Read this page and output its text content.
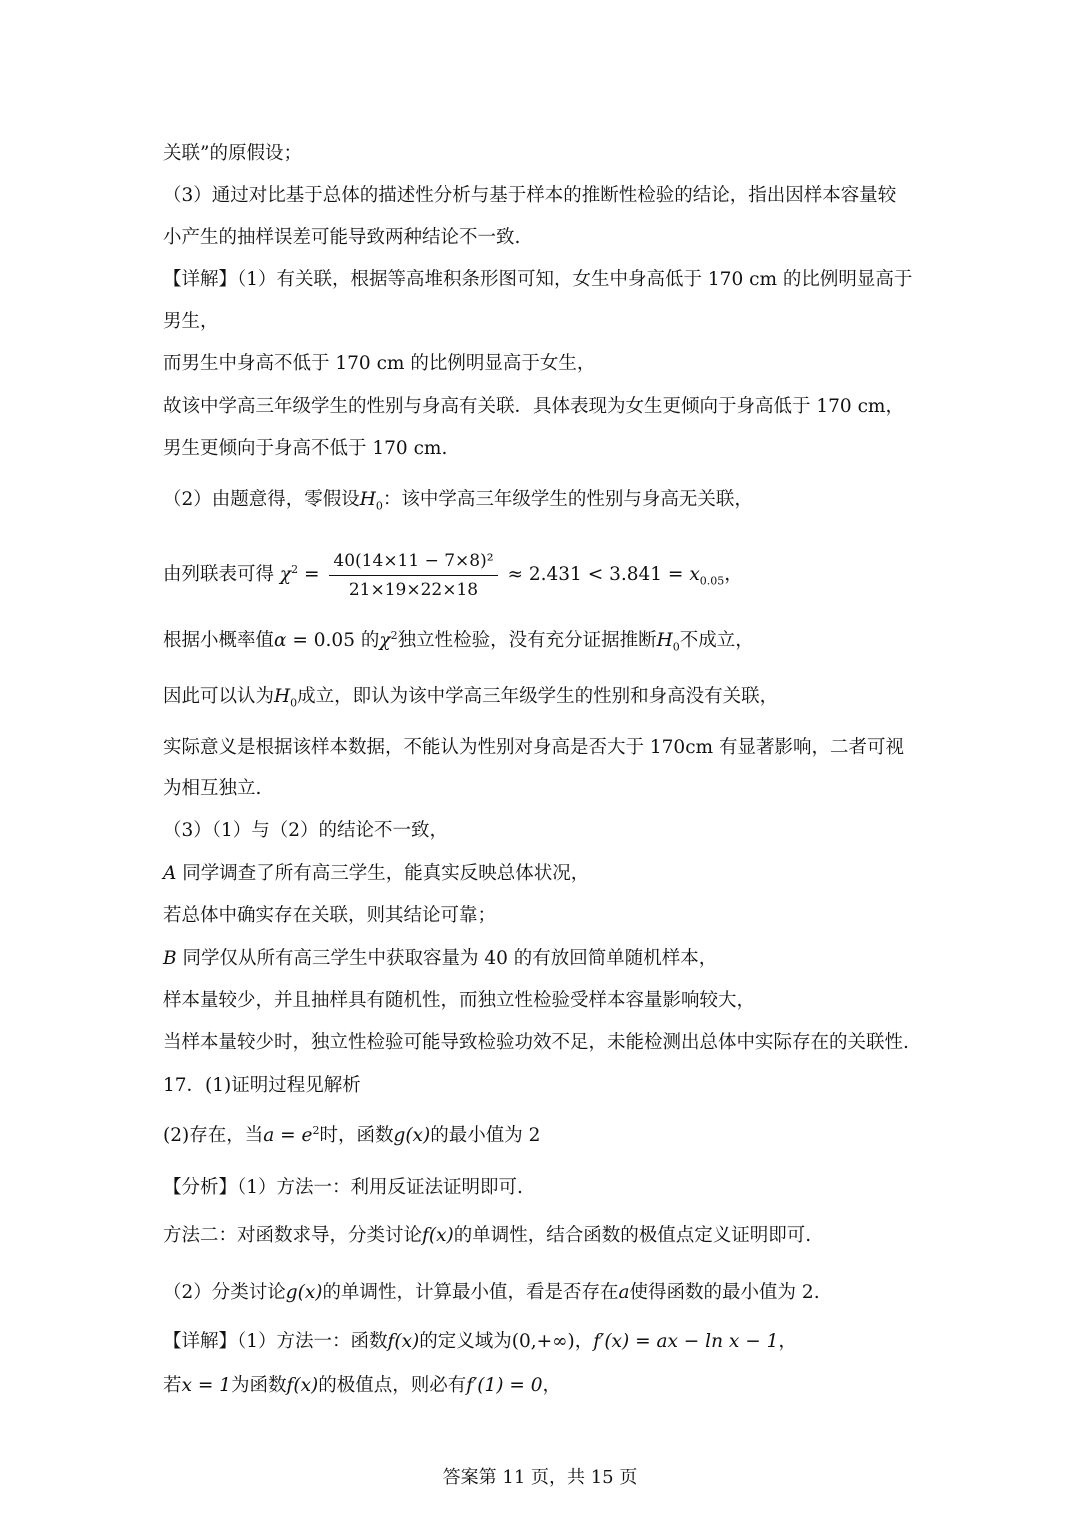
关联”的原假设；
（3）通过对比基于总体的描述性分析与基于样本的推断性检验的结论，指出因样本容量较
小产生的抽样误差可能导致两种结论不一致.
【详解】（1）有关联，根据等高堆积条形图可知，女生中身高低于 170 cm 的比例明显高于
男生，
而男生中身高不低于 170 cm 的比例明显高于女生，
故该中学高三年级学生的性别与身高有关联．具体表现为女生更倾向于身高低于 170 cm，
男生更倾向于身高不低于 170 cm.
（2）由题意得，零假设$H_0$：该中学高三年级学生的性别与身高无关联，
由列联表可得 $\chi^2 = \frac{\text{40(14×11 − 7×8)²}}{21\times 19\times 22\times 18} \approx 2.431 < 3.841 = x_{0.05}$，
根据小概率值α = 0.05 的$\chi^2$独立性检验，没有充分证据推断$H_0$不成立，
因此可以认为$H_0$成立，即认为该中学高三年级学生的性别和身高没有关联，
实际意义是根据该样本数据，不能认为性别对身高是否大于 170cm 有显著影响，二者可视
为相互独立.
（3）（1）与（2）的结论不一致，
A 同学调查了所有高三学生，能真实反映总体状况，
若总体中确实存在关联，则其结论可靠；
B 同学仅从所有高三学生中获取容量为 40 的有放回简单随机样本，
样本量较少，并且抽样具有随机性，而独立性检验受样本容量影响较大，
当样本量较少时，独立性检验可能导致检验功效不足，未能检测出总体中实际存在的关联性.
17．(1)证明过程见解析
(2)存在，当$a = e^2$时，函数g(x)的最小值为 2
【分析】（1）方法一：利用反证法证明即可.
方法二：对函数求导，分类讨论f(x)的单调性，结合函数的极值点定义证明即可.
（2）分类讨论g(x)的单调性，计算最小值，看是否存在a使得函数的最小值为 2.
【详解】（1）方法一：函数f(x)的定义域为(0,+∞)，f′(x) = ax − ln x − 1，
若x = 1为函数f(x)的极值点，则必有f′(1) = 0，
答案第 11 页，共 15 页
